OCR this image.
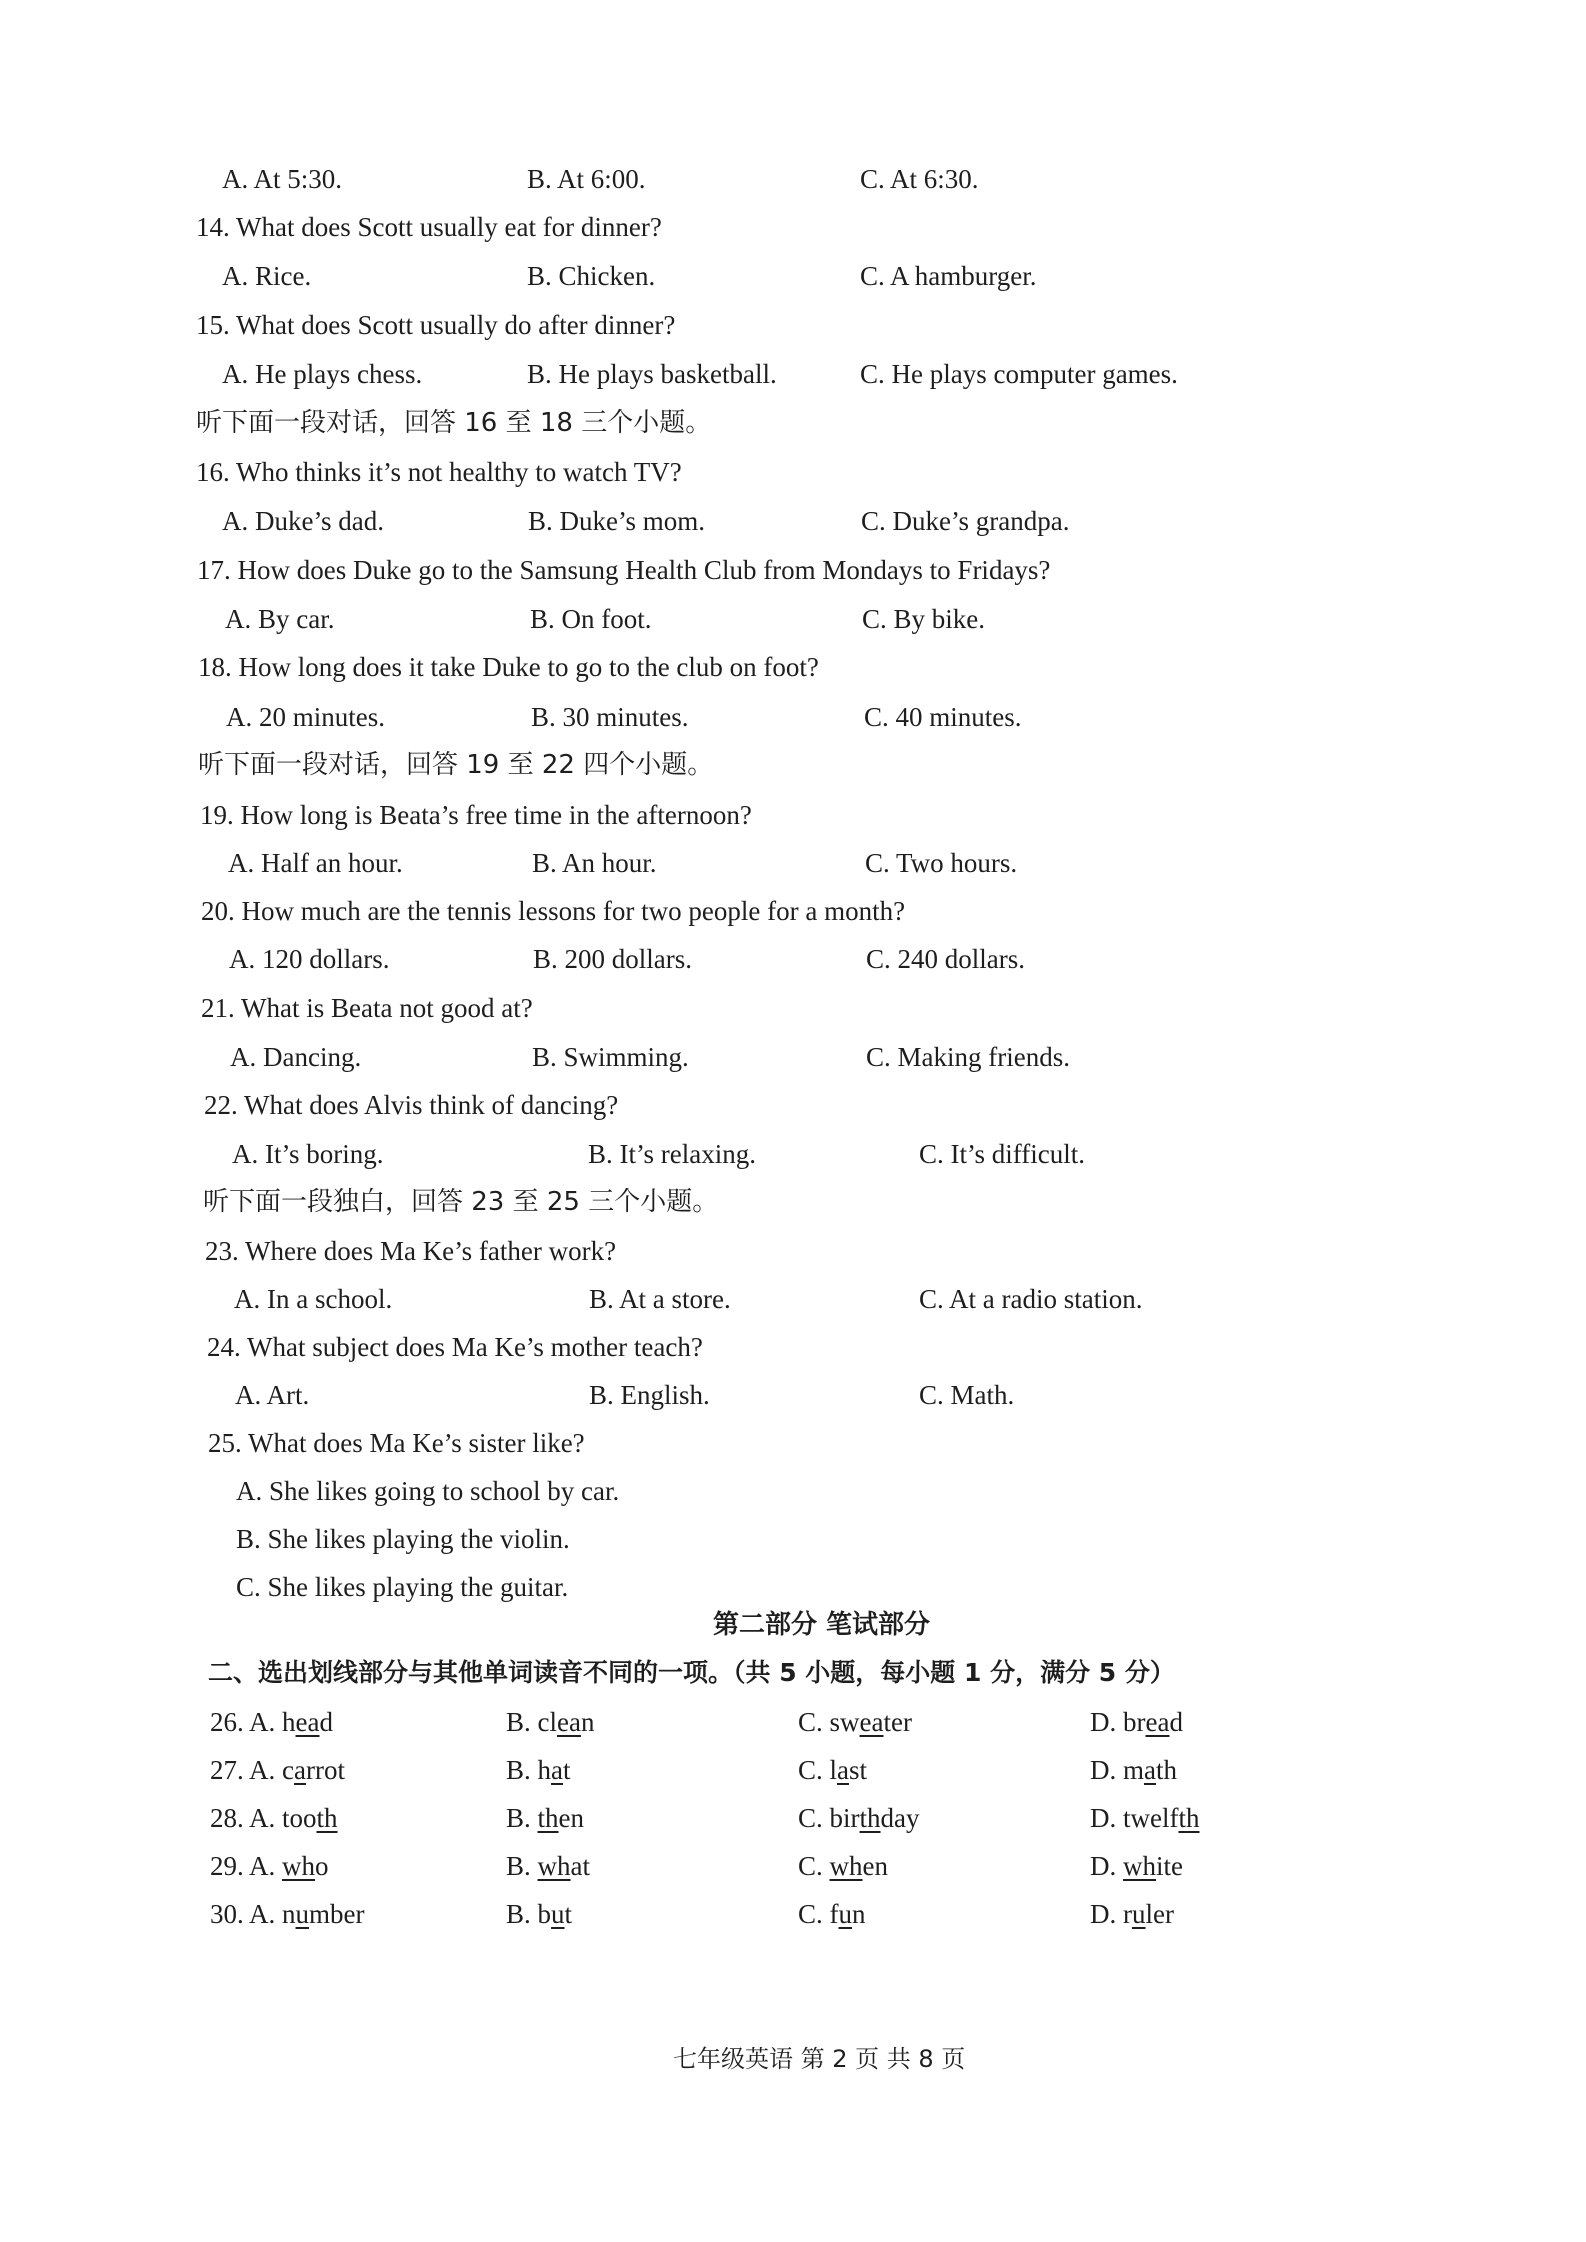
A. At 5:30.	B. At 6:00.	C. At 6:30.
14. What does Scott usually eat for dinner?
A. Rice.	B. Chicken.	C. A hamburger.
15. What does Scott usually do after dinner?
A. He plays chess.	B. He plays basketball.	C. He plays computer games.
听下面一段对话，回答 16 至 18 三个小题。
16. Who thinks it’s not healthy to watch TV?
A. Duke’s dad.	B. Duke’s mom.	C. Duke’s grandpa.
17. How does Duke go to the Samsung Health Club from Mondays to Fridays?
A. By car.	B. On foot.	C. By bike.
18. How long does it take Duke to go to the club on foot?
A. 20 minutes.	B. 30 minutes.	C. 40 minutes.
听下面一段对话，回答 19 至 22 四个小题。
19. How long is Beata’s free time in the afternoon?
A. Half an hour.	B. An hour.	C. Two hours.
20. How much are the tennis lessons for two people for a month?
A. 120 dollars.	B. 200 dollars.	C. 240 dollars.
21. What is Beata not good at?
A. Dancing.	B. Swimming.	C. Making friends.
22. What does Alvis think of dancing?
A. It’s boring.	B. It’s relaxing.	C. It’s difficult.
听下面一段独白，回答 23 至 25 三个小题。
23. Where does Ma Ke’s father work?
A. In a school.	B. At a store.	C. At a radio station.
24. What subject does Ma Ke’s mother teach?
A. Art.	B. English.	C. Math.
25. What does Ma Ke’s sister like?
A. She likes going to school by car.
B. She likes playing the violin.
C. She likes playing the guitar.
第二部分 笔试部分
二、选出划线部分与其他单词读音不同的一项。（共 5 小题，每小题 1 分，满分 5 分）
26. A. head	B. clean	C. sweater	D. bread
27. A. carrot	B. hat	C. last	D. math
28. A. tooth	B. then	C. birthday	D. twelfth
29. A. who	B. what	C. when	D. white
30. A. number	B. but	C. fun	D. ruler
七年级英语 第 2 页 共 8 页
